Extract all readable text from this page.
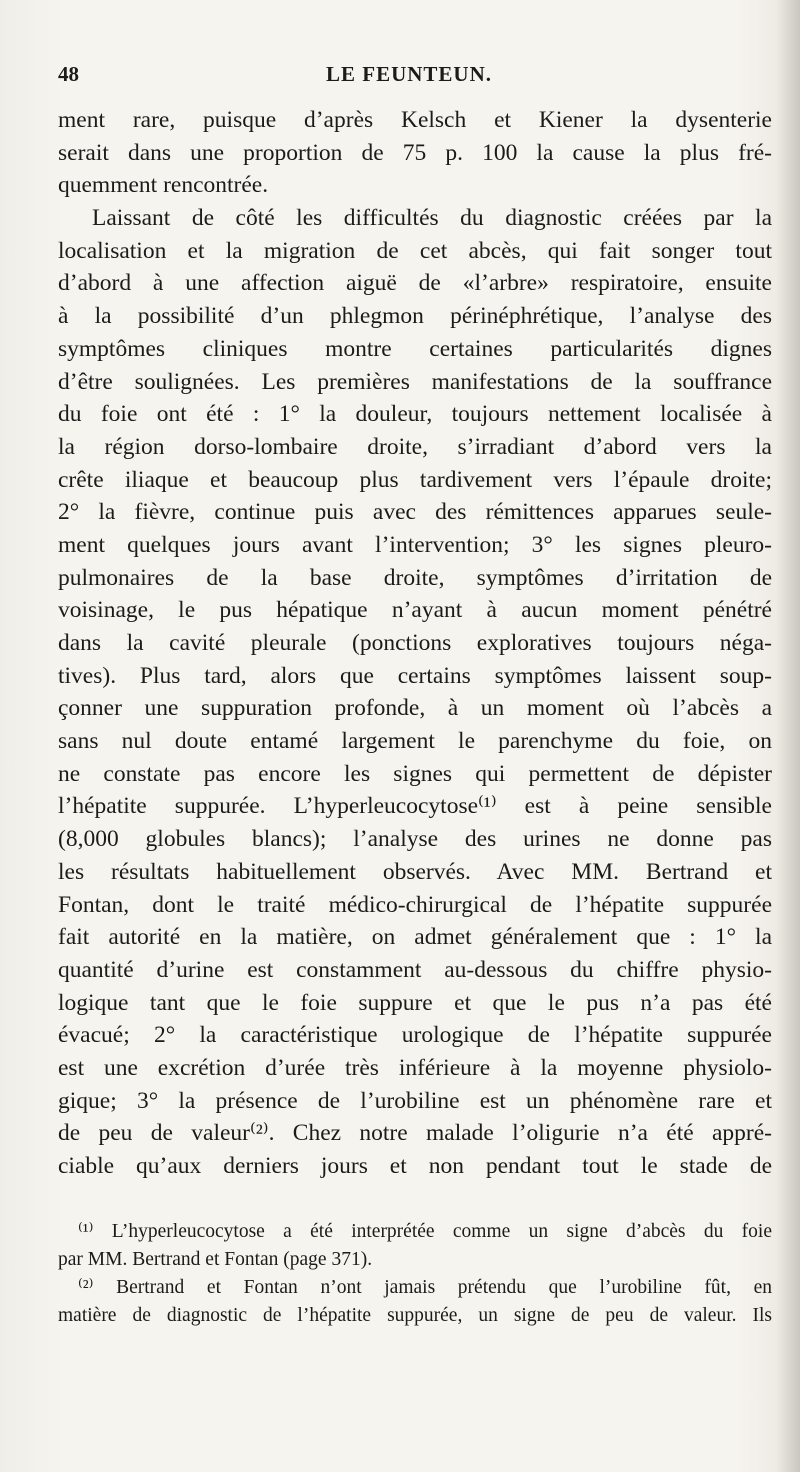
48	LE FEUNTEUN.
ment rare, puisque d’après Kelsch et Kiener la dysenterie
serait dans une proportion de 75 p. 100 la cause la plus fré-
quemment rencontrée.
Laissant de côté les difficultés du diagnostic créées par la
localisation et la migration de cet abcès, qui fait songer tout
d’abord à une affection aiguë de «l’arbre» respiratoire, ensuite
à la possibilité d’un phlegmon périnéphrétique, l’analyse des
symptômes cliniques montre certaines particularités dignes
d’être soulignées. Les premières manifestations de la souffrance
du foie ont été : 1° la douleur, toujours nettement localisée à
la région dorso-lombaire droite, s’irradiant d’abord vers la
crête iliaque et beaucoup plus tardivement vers l’épaule droite;
2° la fièvre, continue puis avec des rémittences apparues seule-
ment quelques jours avant l’intervention; 3° les signes pleuro-
pulmonaires de la base droite, symptômes d’irritation de
voisinage, le pus hépatique n’ayant à aucun moment pénétré
dans la cavité pleurale (ponctions exploratives toujours néga-
tives). Plus tard, alors que certains symptômes laissent soup-
çonner une suppuration profonde, à un moment où l’abcès a
sans nul doute entamé largement le parenchyme du foie, on
ne constate pas encore les signes qui permettent de dépister
l’hépatite suppurée. L’hyperleucocytose⁽¹⁾ est à peine sensible
(8,000 globules blancs); l’analyse des urines ne donne pas
les résultats habituellement observés. Avec MM. Bertrand et
Fontan, dont le traité médico-chirurgical de l’hépatite suppurée
fait autorité en la matière, on admet généralement que : 1° la
quantité d’urine est constamment au-dessous du chiffre physio-
logique tant que le foie suppure et que le pus n’a pas été
évacué; 2° la caractéristique urologique de l’hépatite suppurée
est une excrétion d’urée très inférieure à la moyenne physiolo-
gique; 3° la présence de l’urobiline est un phénomène rare et
de peu de valeur⁽²⁾. Chez notre malade l’oligurie n’a été appré-
ciable qu’aux derniers jours et non pendant tout le stade de
⁽¹⁾ L’hyperleucocytose a été interprétée comme un signe d’abcès du foie
par MM. Bertrand et Fontan (page 371).
⁽²⁾ Bertrand et Fontan n’ont jamais prétendu que l’urobiline fût, en
matière de diagnostic de l’hépatite suppurée, un signe de peu de valeur. Ils
